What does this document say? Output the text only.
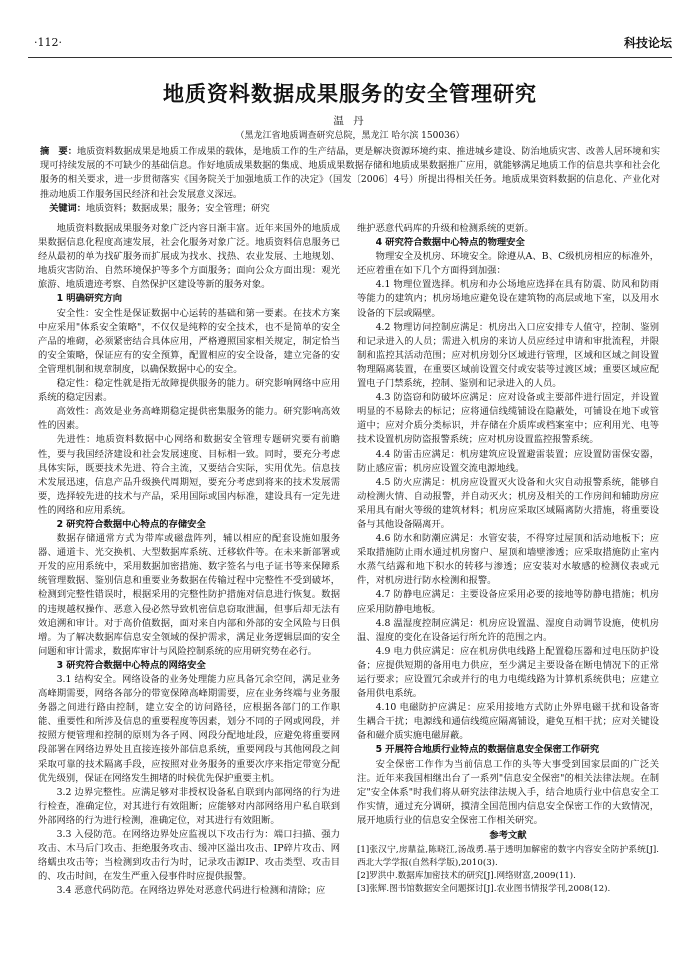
·112·	科技论坛
地质资料数据成果服务的安全管理研究
温 丹
（黑龙江省地质调查研究总院，黑龙江 哈尔滨 150036）
摘　要：地质资料数据成果是地质工作成果的载体，是地质工作的生产结晶，更是解决资源环境约束、推进城乡建设、防治地质灾害、改善人居环境和实现可持续发展的不可缺少的基础信息。作好地质成果数据的集成、地质成果数据存储和地质成果数据推广应用，就能够满足地质工作的信息共享和社会化服务的相关要求，进一步贯彻落实《国务院关于加强地质工作的决定》（国发〔2006〕4号）所提出得相关任务。地质成果资料数据的信息化、产业化对推动地质工作服务国民经济和社会发展意义深远。
关键词：地质资料；数据成果；服务；安全管理；研究

地质资料数据成果服务对象广泛内容日渐丰富。近年来国外的地质成果数据信息化程度高速发展，社会化服务对象广泛。地质资料信息服务已经从最初的单为找矿服务而扩展成为找水、找热、农业发展、土地规划、地质灾害防治、自然环境保护等多个方面服务；面向公众方面出现：观光旅游、地质遗迹考察、自然保护区建设等新的服务对象。

1 明确研究方向

安全性：安全性是保证数据中心运转的基础和第一要素。在技术方案中应采用"体系安全策略"，不仅仅是纯粹的安全技术，也不是简单的安全产品的堆砌，必须紧密结合具体应用，严格遵照国家相关规定，制定恰当的安全策略，保证应有的安全预算，配置相应的安全设备，建立完备的安全管理机制和规章制度，以确保数据中心的安全。

稳定性：稳定性就是指无故障提供服务的能力。研究影响网络中应用系统的稳定因素。

高效性：高效是业务高峰期稳定提供密集服务的能力。研究影响高效性的因素。

先进性：地质资料数据中心网络和数据安全管理专题研究要有前瞻性，要与我国经济建设和社会发展速度、目标相一致。同时，要充分考虑具体实际，既要技术先进、符合主流，又要结合实际，实用优先。信息技术发展迅速，信息产品升级换代周期短，要充分考虑到将来的技术发展需要，选择较先进的技术与产品，采用国际或国内标准，建设具有一定先进性的网络和应用系统。

2 研究符合数据中心特点的存储安全

数据存储通常方式为带库或磁盘阵列，辅以相应的配套设施如服务器、通道卡、光交换机、大型数据库系统、迁移软件等。在未来新部署或开发的应用系统中，采用数据加密措施、数字签名与电子证书等来保障系统管理数据、鉴别信息和重要业务数据在传输过程中完整性不受到破坏，检测到完整性错误时，根据采用的完整性防护措施对信息进行恢复。数据的违规越权操作、恶意入侵必然导致机密信息窃取泄漏，但事后却无法有效追溯和审计。对于高价值数据，面对来自内部和外部的安全风险与日俱增。为了解决数据库信息安全领域的保护需求，满足业务逻辑层面的安全问题和审计需求，数据库审计与风险控制系统的应用研究势在必行。

3 研究符合数据中心特点的网络安全

3.1 结构安全。网络设备的业务处理能力应具备冗余空间，满足业务高峰期需要，网络各部分的带宽保障高峰期需要，应在业务终端与业务服务器之间进行路由控制，建立安全的访问路径，应根据各部门的工作职能、重要性和所涉及信息的重要程度等因素，划分不同的子网或网段，并按照方便管理和控制的原则为各子网、网段分配地址段，应避免将重要网段部署在网络边界处且直接连接外部信息系统，重要网段与其他网段之间采取可靠的技术隔离手段，应按照对业务服务的重要次序来指定带宽分配优先级别，保证在网络发生拥堵的时候优先保护重要主机。

3.2 边界完整性。应满足够对非授权设备私自联到内部网络的行为进行检查，准确定位，对其进行有效阻断；应能够对内部网络用户私自联到外部网络的行为进行检测，准确定位，对其进行有效阻断。

3.3 入侵防范。在网络边界处应监视以下攻击行为：端口扫描、强力攻击、木马后门攻击、拒绝服务攻击、缓冲区溢出攻击、IP碎片攻击、网络蠕虫攻击等；当检测到攻击行为时，记录攻击源IP、攻击类型、攻击目的、攻击时间，在发生严重入侵事件时应提供报警。

3.4 恶意代码防范。在网络边界处对恶意代码进行检测和清除；应

维护恶意代码库的升级和检测系统的更新。

4 研究符合数据中心特点的物理安全

物理安全及机房、环境安全。除遵从A、B、C级机房相应的标准外，还应着重在如下几个方面得到加强：

4.1 物理位置选择。机房和办公场地应选择在具有防震、防风和防雨等能力的建筑内；机房场地应避免设在建筑物的高层或地下室，以及用水设备的下层或隔壁。

4.2 物理访问控制应满足：机房出入口应安排专人值守，控制、鉴别和记录进入的人员；需进入机房的来访人员应经过申请和审批流程，并限制和监控其活动范围；应对机房划分区域进行管理，区域和区域之间设置物理隔离装置，在重要区域前设置交付或安装等过渡区域；重要区域应配置电子门禁系统，控制、鉴别和记录进入的人员。

4.3 防盗窃和防破坏应满足：应对设备或主要部件进行固定，并设置明显的不易除去的标记；应将通信线缆铺设在隐蔽处，可铺设在地下或管道中；应对介质分类标识，并存储在介质库或档案室中；应利用光、电等技术设置机房防盗报警系统；应对机房设置监控报警系统。

4.4 防雷击应满足：机房建筑应设置避雷装置；应设置防雷保安器，防止感应雷；机房应设置交流电源地线。

4.5 防火应满足：机房应设置灭火设备和火灾自动报警系统，能够自动检测火情、自动报警，并自动灭火；机房及相关的工作房间和辅助房应采用具有耐火等级的建筑材料；机房应采取区域隔离防火措施，将重要设备与其他设备隔离开。

4.6 防水和防潮应满足：水管安装，不得穿过屋顶和活动地板下；应采取措施防止雨水通过机房窗户、屋顶和墙壁渗透；应采取措施防止室内水蒸气结露和地下积水的转移与渗透；应安装对水敏感的检测仪表或元件，对机房进行防水检测和报警。

4.7 防静电应满足：主要设备应采用必要的接地等防静电措施；机房应采用防静电地板。

4.8 温湿度控制应满足：机房应设置温、湿度自动调节设施，使机房温、湿度的变化在设备运行所允许的范围之内。

4.9 电力供应满足：应在机房供电线路上配置稳压器和过电压防护设备；应提供短期的备用电力供应，至少满足主要设备在断电情况下的正常运行要求；应设置冗余或并行的电力电缆线路为计算机系统供电；应建立备用供电系统。

4.10 电磁防护应满足：应采用接地方式防止外界电磁干扰和设备寄生耦合干扰；电源线和通信线缆应隔离铺设，避免互相干扰；应对关键设备和磁介质实施电磁屏蔽。

5 开展符合地质行业特点的数据信息安全保密工作研究

安全保密工作作为当前信息工作的头等大事受到国家层面的广泛关注。近年来我国相继出台了一系列"信息安全保密"的相关法律法规。在制定"安全体系"时我们将从研究法律法规入手，结合地质行业中信息安全工作实情，通过充分调研，摸清全国范围内信息安全保密工作的大致情况，展开地质行业的信息安全保密工作相关研究。

参考文献

[1]张汉宁,房鼎益,陈晓江,汤战勇.基于透明加解密的数字内容安全防护系统[J].西北大学学报(自然科学版),2010(3).

[2]罗洪中.数据库加密技术的研究[J].网络财富,2009(11).

[3]张辉.图书馆数据安全问题探讨[J].农业图书情报学刊,2008(12).
